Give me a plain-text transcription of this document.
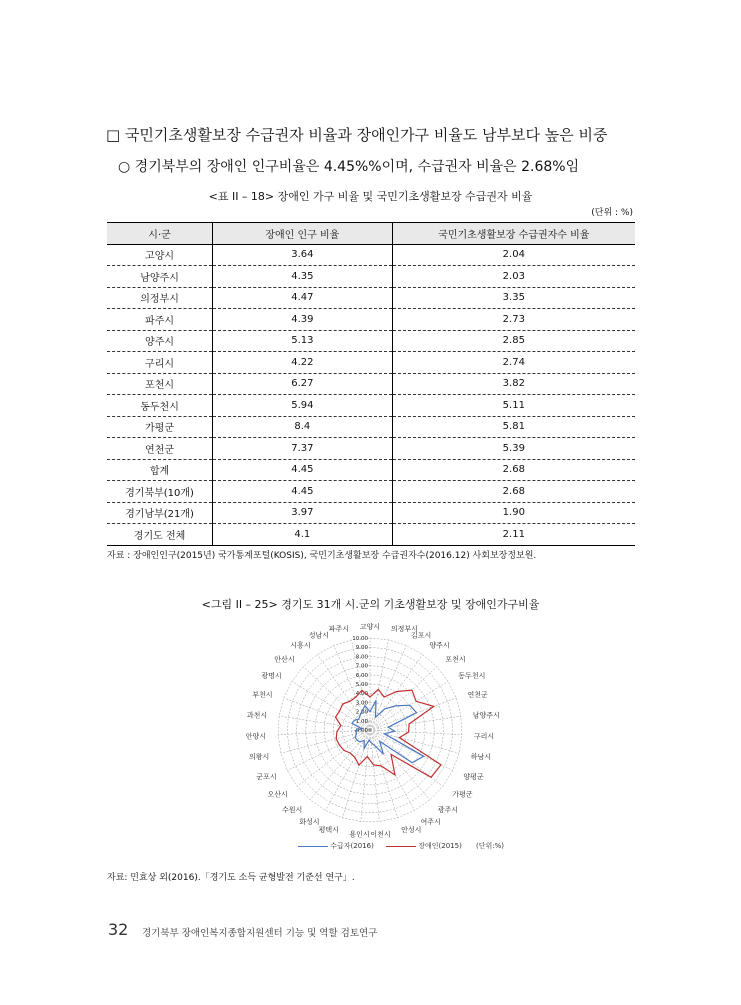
□ 국민기초생활보장 수급권자 비율과 장애인가구 비율도 남부보다 높은 비중
○ 경기북부의 장애인 인구비율은 4.45%%이며, 수급권자 비율은 2.68%임
<표 II – 18> 장애인 가구 비율 및 국민기초생활보장 수급권자 비율
(단위 : %)
시·군	장애인 인구 비율	국민기초생활보장 수급권자수 비율
고양시	3.64	2.04
남양주시	4.35	2.03
의정부시	4.47	3.35
파주시	4.39	2.73
양주시	5.13	2.85
구리시	4.22	2.74
포천시	6.27	3.82
동두천시	5.94	5.11
가평군	8.4	5.81
연천군	7.37	5.39
합계	4.45	2.68
경기북부(10개)	4.45	2.68
경기남부(21개)	3.97	1.90
경기도 전체	4.1	2.11
자료 : 장애인인구(2015년) 국가통계포털(KOSIS), 국민기초생활보장 수급권자수(2016.12) 사회보장정보원.
<그림 II – 25> 경기도 31개 시.군의 기초생활보장 및 장애인가구비율
고양시 의정부시
김포시
양주시
포천시
동두천시
연천군
남양주시
구리시
하남시
양평군
가평군
광주시
여주시
안성시
이천시
용인시
평택시
화성시
수원시
오산시
군포시
의왕시
안양시
과천시
부천시
광명시
안산시
시흥시
성남시
파주시
0.00
1.00
2.00
3.00
4.00
5.00
6.00
7.00
8.00
9.00
10.00
수급자(2016)	장애인(2015) (단위:%)
자료: 민효상 외(2016).「경기도 소득 균형발전 기준선 연구」.
32 경기북부 장애인복지종합지원센터 기능 및 역할 검토연구
